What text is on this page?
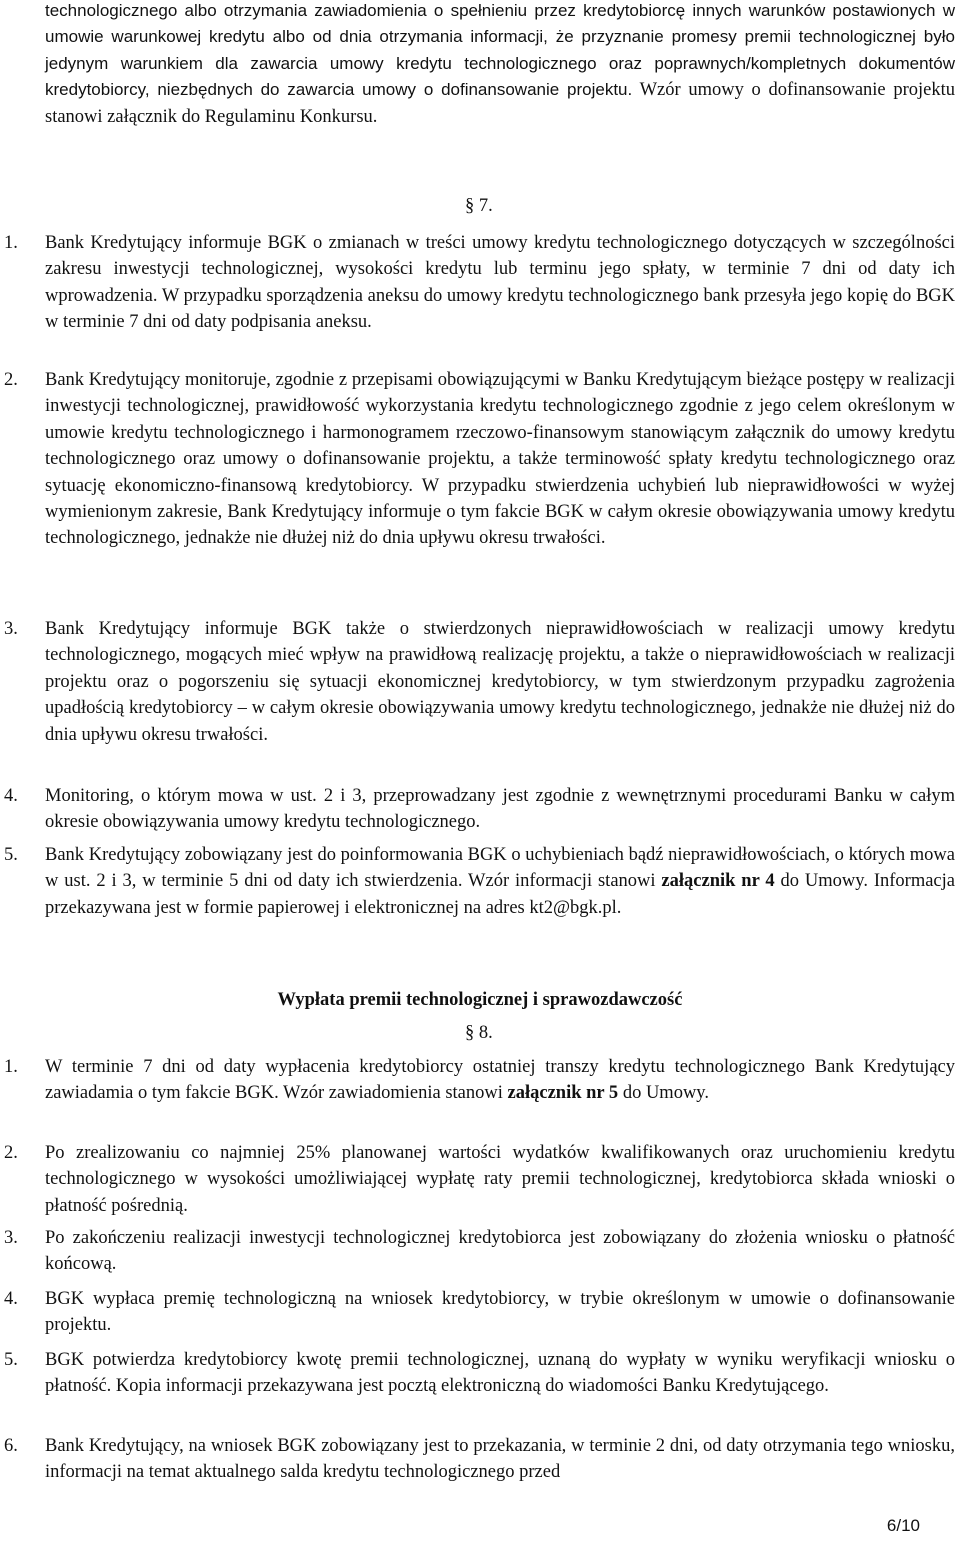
technologicznego albo otrzymania zawiadomienia o spełnieniu przez kredytobiorcę innych warunków postawionych w umowie warunkowej kredytu albo od dnia otrzymania informacji, że przyznanie promesy premii technologicznej było jedynym warunkiem dla zawarcia umowy kredytu technologicznego oraz poprawnych/kompletnych dokumentów kredytobiorcy, niezbędnych do zawarcia umowy o dofinansowanie projektu. Wzór umowy o dofinansowanie projektu stanowi załącznik do Regulaminu Konkursu.

§ 7.
1.	Bank Kredytujący informuje BGK o zmianach w treści umowy kredytu technologicznego dotyczących w szczególności zakresu inwestycji technologicznej, wysokości kredytu lub terminu jego spłaty, w terminie 7 dni od daty ich wprowadzenia. W przypadku sporządzenia aneksu do umowy kredytu technologicznego bank przesyła jego kopię do BGK w terminie 7 dni od daty podpisania aneksu.
2.	Bank Kredytujący monitoruje, zgodnie z przepisami obowiązującymi w Banku Kredytującym bieżące postępy w realizacji inwestycji technologicznej, prawidłowość wykorzystania kredytu technologicznego zgodnie z jego celem określonym w umowie kredytu technologicznego i harmonogramem rzeczowo-finansowym stanowiącym załącznik do umowy kredytu technologicznego oraz umowy o dofinansowanie projektu, a także terminowość spłaty kredytu technologicznego oraz sytuację ekonomiczno-finansową kredytobiorcy. W przypadku stwierdzenia uchybień lub nieprawidłowości w wyżej wymienionym zakresie, Bank Kredytujący informuje o tym fakcie BGK w całym okresie obowiązywania umowy kredytu technologicznego, jednakże nie dłużej niż do dnia upływu okresu trwałości.
3.	Bank Kredytujący informuje BGK także o stwierdzonych nieprawidłowościach w realizacji umowy kredytu technologicznego, mogących mieć wpływ na prawidłową realizację projektu, a także o nieprawidłowościach w realizacji projektu oraz o pogorszeniu się sytuacji ekonomicznej kredytobiorcy, w tym stwierdzonym przypadku zagrożenia upadłością kredytobiorcy – w całym okresie obowiązywania umowy kredytu technologicznego, jednakże nie dłużej niż do dnia upływu okresu trwałości.
4.	Monitoring, o którym mowa w ust. 2 i 3, przeprowadzany jest zgodnie z wewnętrznymi procedurami Banku w całym okresie obowiązywania umowy kredytu technologicznego.
5.	Bank Kredytujący zobowiązany jest do poinformowania BGK o uchybieniach bądź nieprawidłowościach, o których mowa w ust. 2 i 3, w terminie 5 dni od daty ich stwierdzenia. Wzór informacji stanowi załącznik nr 4 do Umowy. Informacja przekazywana jest w formie papierowej i elektronicznej na adres kt2@bgk.pl.
Wypłata premii technologicznej i sprawozdawczość
§ 8.
1.	W terminie 7 dni od daty wypłacenia kredytobiorcy ostatniej transzy kredytu technologicznego Bank Kredytujący zawiadamia o tym fakcie BGK. Wzór zawiadomienia stanowi załącznik nr 5 do Umowy.
2.	Po zrealizowaniu co najmniej 25% planowanej wartości wydatków kwalifikowanych oraz uruchomieniu kredytu technologicznego w wysokości umożliwiającej wypłatę raty premii technologicznej, kredytobiorca składa wnioski o płatność pośrednią.
3.	Po zakończeniu realizacji inwestycji technologicznej kredytobiorca jest zobowiązany do złożenia wniosku o płatność końcową.
4.	BGK wypłaca premię technologiczną na wniosek kredytobiorcy, w trybie określonym w umowie o dofinansowanie projektu.
5.	BGK potwierdza kredytobiorcy kwotę premii technologicznej, uznaną do wypłaty w wyniku weryfikacji wniosku o płatność. Kopia informacji przekazywana jest pocztą elektroniczną do wiadomości Banku Kredytującego.
6.	Bank Kredytujący, na wniosek BGK zobowiązany jest to przekazania, w terminie 2 dni, od daty otrzymania tego wniosku, informacji na temat aktualnego salda kredytu technologicznego przed
6/10
